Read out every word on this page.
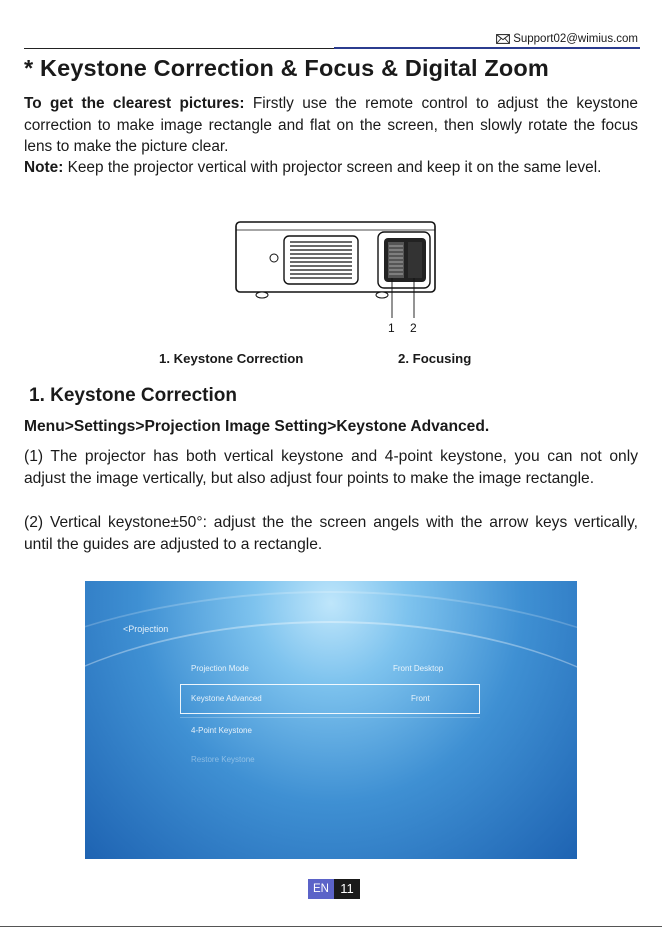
Support02@wimius.com
* Keystone Correction & Focus & Digital Zoom
To get the clearest pictures: Firstly use the remote control to adjust the keystone correction to make image rectangle and flat on the screen, then slowly rotate the focus lens to make the picture clear.
Note: Keep the projector vertical with projector screen and keep it on the same level.
1 2
1. Keystone Correction	2. Focusing
1. Keystone Correction
Menu>Settings>Projection Image Setting>Keystone Advanced.
(1) The projector has both vertical keystone and 4-point keystone, you can not only adjust the image vertically, but also adjust four points to make the image rectangle.
(2) Vertical keystone±50°: adjust the the screen angels with the arrow keys vertically, until the guides are adjusted to a rectangle.
<Projection
Projection Mode	Front Desktop
Keystone Advanced	Front
4-Point Keystone
Restore Keystone
EN 11
